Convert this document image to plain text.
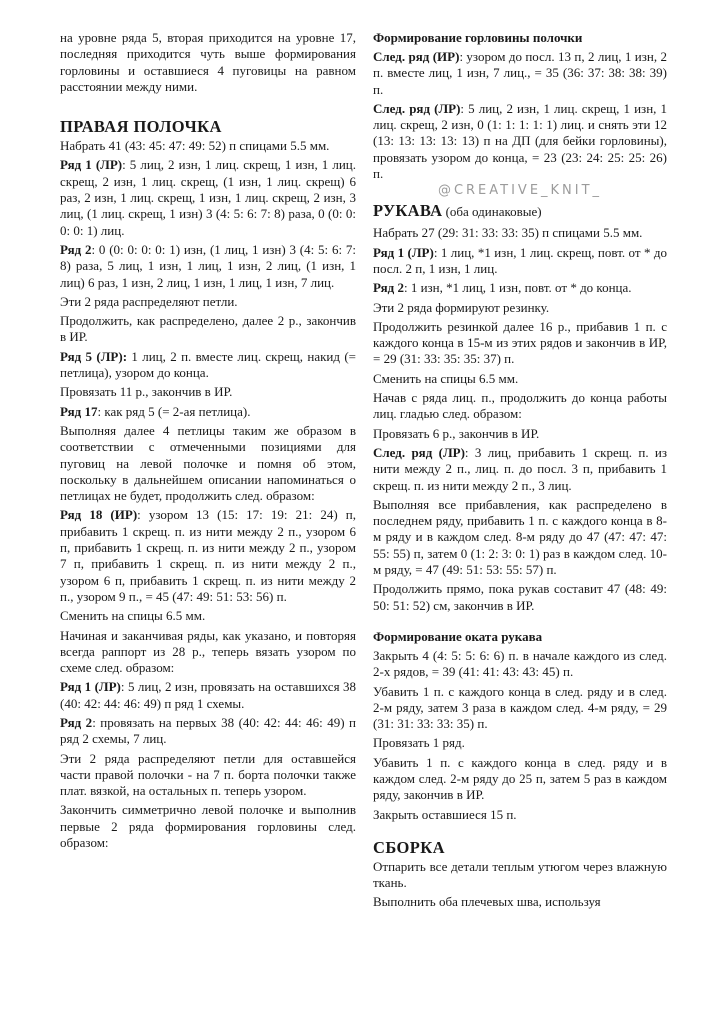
на уровне ряда 5, вторая приходится на уровне 17, последняя приходится чуть выше формирования горловины и оставшиеся 4 пуговицы на равном расстоянии между ними.

ПРАВАЯ ПОЛОЧКА

Набрать 41 (43: 45: 47: 49: 52) п спицами 5.5 мм.

Ряд 1 (ЛР): 5 лиц, 2 изн, 1 лиц. скрещ, 1 изн, 1 лиц. скрещ, 2 изн, 1 лиц. скрещ, (1 изн, 1 лиц. скрещ) 6 раз, 2 изн, 1 лиц. скрещ, 1 изн, 1 лиц. скрещ, 2 изн, 3 лиц, (1 лиц. скрещ, 1 изн) 3 (4: 5: 6: 7: 8) раза, 0 (0: 0: 0: 0: 1) лиц.

Ряд 2: 0 (0: 0: 0: 0: 1) изн, (1 лиц, 1 изн) 3 (4: 5: 6: 7: 8) раза, 5 лиц, 1 изн, 1 лиц, 1 изн, 2 лиц, (1 изн, 1 лиц) 6 раз, 1 изн, 2 лиц, 1 изн, 1 лиц, 1 изн, 7 лиц.

Эти 2 ряда распределяют петли.

Продолжить, как распределено, далее 2 р., закончив в ИР.

Ряд 5 (ЛР): 1 лиц, 2 п. вместе лиц. скрещ, накид (= петлица), узором до конца.

Провязать 11 р., закончив в ИР.

Ряд 17: как ряд 5 (= 2-ая петлица).

Выполняя далее 4 петлицы таким же образом в соответствии с отмеченными позициями для пуговиц на левой полочке и помня об этом, поскольку в дальнейшем описании напоминаться о петлицах не будет, продолжить след. образом:

Ряд 18 (ИР): узором 13 (15: 17: 19: 21: 24) п, прибавить 1 скрещ. п. из нити между 2 п., узором 6 п, прибавить 1 скрещ. п. из нити между 2 п., узором 7 п, прибавить 1 скрещ. п. из нити между 2 п., узором 6 п, прибавить 1 скрещ. п. из нити между 2 п., узором 9 п., = 45 (47: 49: 51: 53: 56) п.

Сменить на спицы 6.5 мм.

Начиная и заканчивая ряды, как указано, и повторяя всегда раппорт из 28 р., теперь вязать узором по схеме след. образом:

Ряд 1 (ЛР): 5 лиц, 2 изн, провязать на оставшихся 38 (40: 42: 44: 46: 49) п ряд 1 схемы.

Ряд 2: провязать на первых 38 (40: 42: 44: 46: 49) п ряд 2 схемы, 7 лиц.

Эти 2 ряда распределяют петли для оставшейся части правой полочки - на 7 п. борта полочки также плат. вязкой, на остальных п. теперь узором.

Закончить симметрично левой полочке и выполнив первые 2 ряда формирования горловины след. образом:

Формирование горловины полочки

След. ряд (ИР): узором до посл. 13 п, 2 лиц, 1 изн, 2 п. вместе лиц, 1 изн, 7 лиц., = 35 (36: 37: 38: 38: 39) п.

След. ряд (ЛР): 5 лиц, 2 изн, 1 лиц. скрещ, 1 изн, 1 лиц. скрещ, 2 изн, 0 (1: 1: 1: 1: 1) лиц. и снять эти 12 (13: 13: 13: 13: 13) п на ДП (для бейки горловины), провязать узором до конца, = 23 (23: 24: 25: 25: 26) п.

@CREATIVE_KNIT_
РУКАВА (оба одинаковые)

Набрать 27 (29: 31: 33: 33: 35) п спицами 5.5 мм.

Ряд 1 (ЛР): 1 лиц, *1 изн, 1 лиц. скрещ, повт. от * до посл. 2 п, 1 изн, 1 лиц.

Ряд 2: 1 изн, *1 лиц, 1 изн, повт. от * до конца.

Эти 2 ряда формируют резинку.

Продолжить резинкой далее 16 р., прибавив 1 п. с каждого конца в 15-м из этих рядов и закончив в ИР, = 29 (31: 33: 35: 35: 37) п.

Сменить на спицы 6.5 мм.

Начав с ряда лиц. п., продолжить до конца работы лиц. гладью след. образом:

Провязать 6 р., закончив в ИР.

След. ряд (ЛР): 3 лиц, прибавить 1 скрещ. п. из нити между 2 п., лиц. п. до посл. 3 п, прибавить 1 скрещ. п. из нити между 2 п., 3 лиц.

Выполняя все прибавления, как распределено в последнем ряду, прибавить 1 п. с каждого конца в 8-м ряду и в каждом след. 8-м ряду до 47 (47: 47: 47: 55: 55) п, затем 0 (1: 2: 3: 0: 1) раз в каждом след. 10-м ряду, = 47 (49: 51: 53: 55: 57) п.

Продолжить прямо, пока рукав составит 47 (48: 49: 50: 51: 52) см, закончив в ИР.

Формирование оката рукава

Закрыть 4 (4: 5: 5: 6: 6) п. в начале каждого из след. 2-х рядов, = 39 (41: 41: 43: 43: 45) п.

Убавить 1 п. с каждого конца в след. ряду и в след. 2-м ряду, затем 3 раза в каждом след. 4-м ряду, = 29 (31: 31: 33: 33: 35) п.

Провязать 1 ряд.

Убавить 1 п. с каждого конца в след. ряду и в каждом след. 2-м ряду до 25 п, затем 5 раз в каждом ряду, закончив в ИР.

Закрыть оставшиеся 15 п.

СБОРКА

Отпарить все детали теплым утюгом через влажную ткань.

Выполнить оба плечевых шва, используя
